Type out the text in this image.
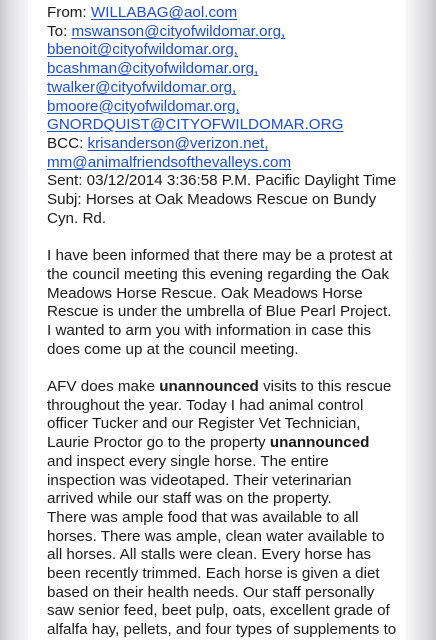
From: WILLABAG@aol.com
To: mswanson@cityofwildomar.org,
bbenoit@cityofwildomar.org,
bcashman@cityofwildomar.org,
twalker@cityofwildomar.org,
bmoore@cityofwildomar.org,
GNORDQUIST@CITYOFWILDOMAR.ORG
BCC: krisanderson@verizon.net,
mm@animalfriendsofthevalleys.com
Sent: 03/12/2014 3:36:58 P.M. Pacific Daylight Time
Subj: Horses at Oak Meadows Rescue on Bundy
Cyn. Rd.
I have been informed that there may be a protest at
the council meeting this evening regarding the Oak
Meadows Horse Rescue. Oak Meadows Horse
Rescue is under the umbrella of Blue Pearl Project.
I wanted to arm you with information in case this
does come up at the council meeting.
AFV does make unannounced visits to this rescue
throughout the year. Today I had animal control
officer Tucker and our Register Vet Technician,
Laurie Proctor go to the property unannounced
and inspect every single horse. The entire
inspection was videotaped. Their veterinarian
arrived while our staff was on the property.
There was ample food that was available to all
horses. There was ample, clean water available to
all horses. All stalls were clean. Every horse has
been recently trimmed. Each horse is given a diet
based on their health needs. Our staff personally
saw senior feed, beet pulp, oats, excellent grade of
alfalfa hay, pellets, and four types of supplements to
